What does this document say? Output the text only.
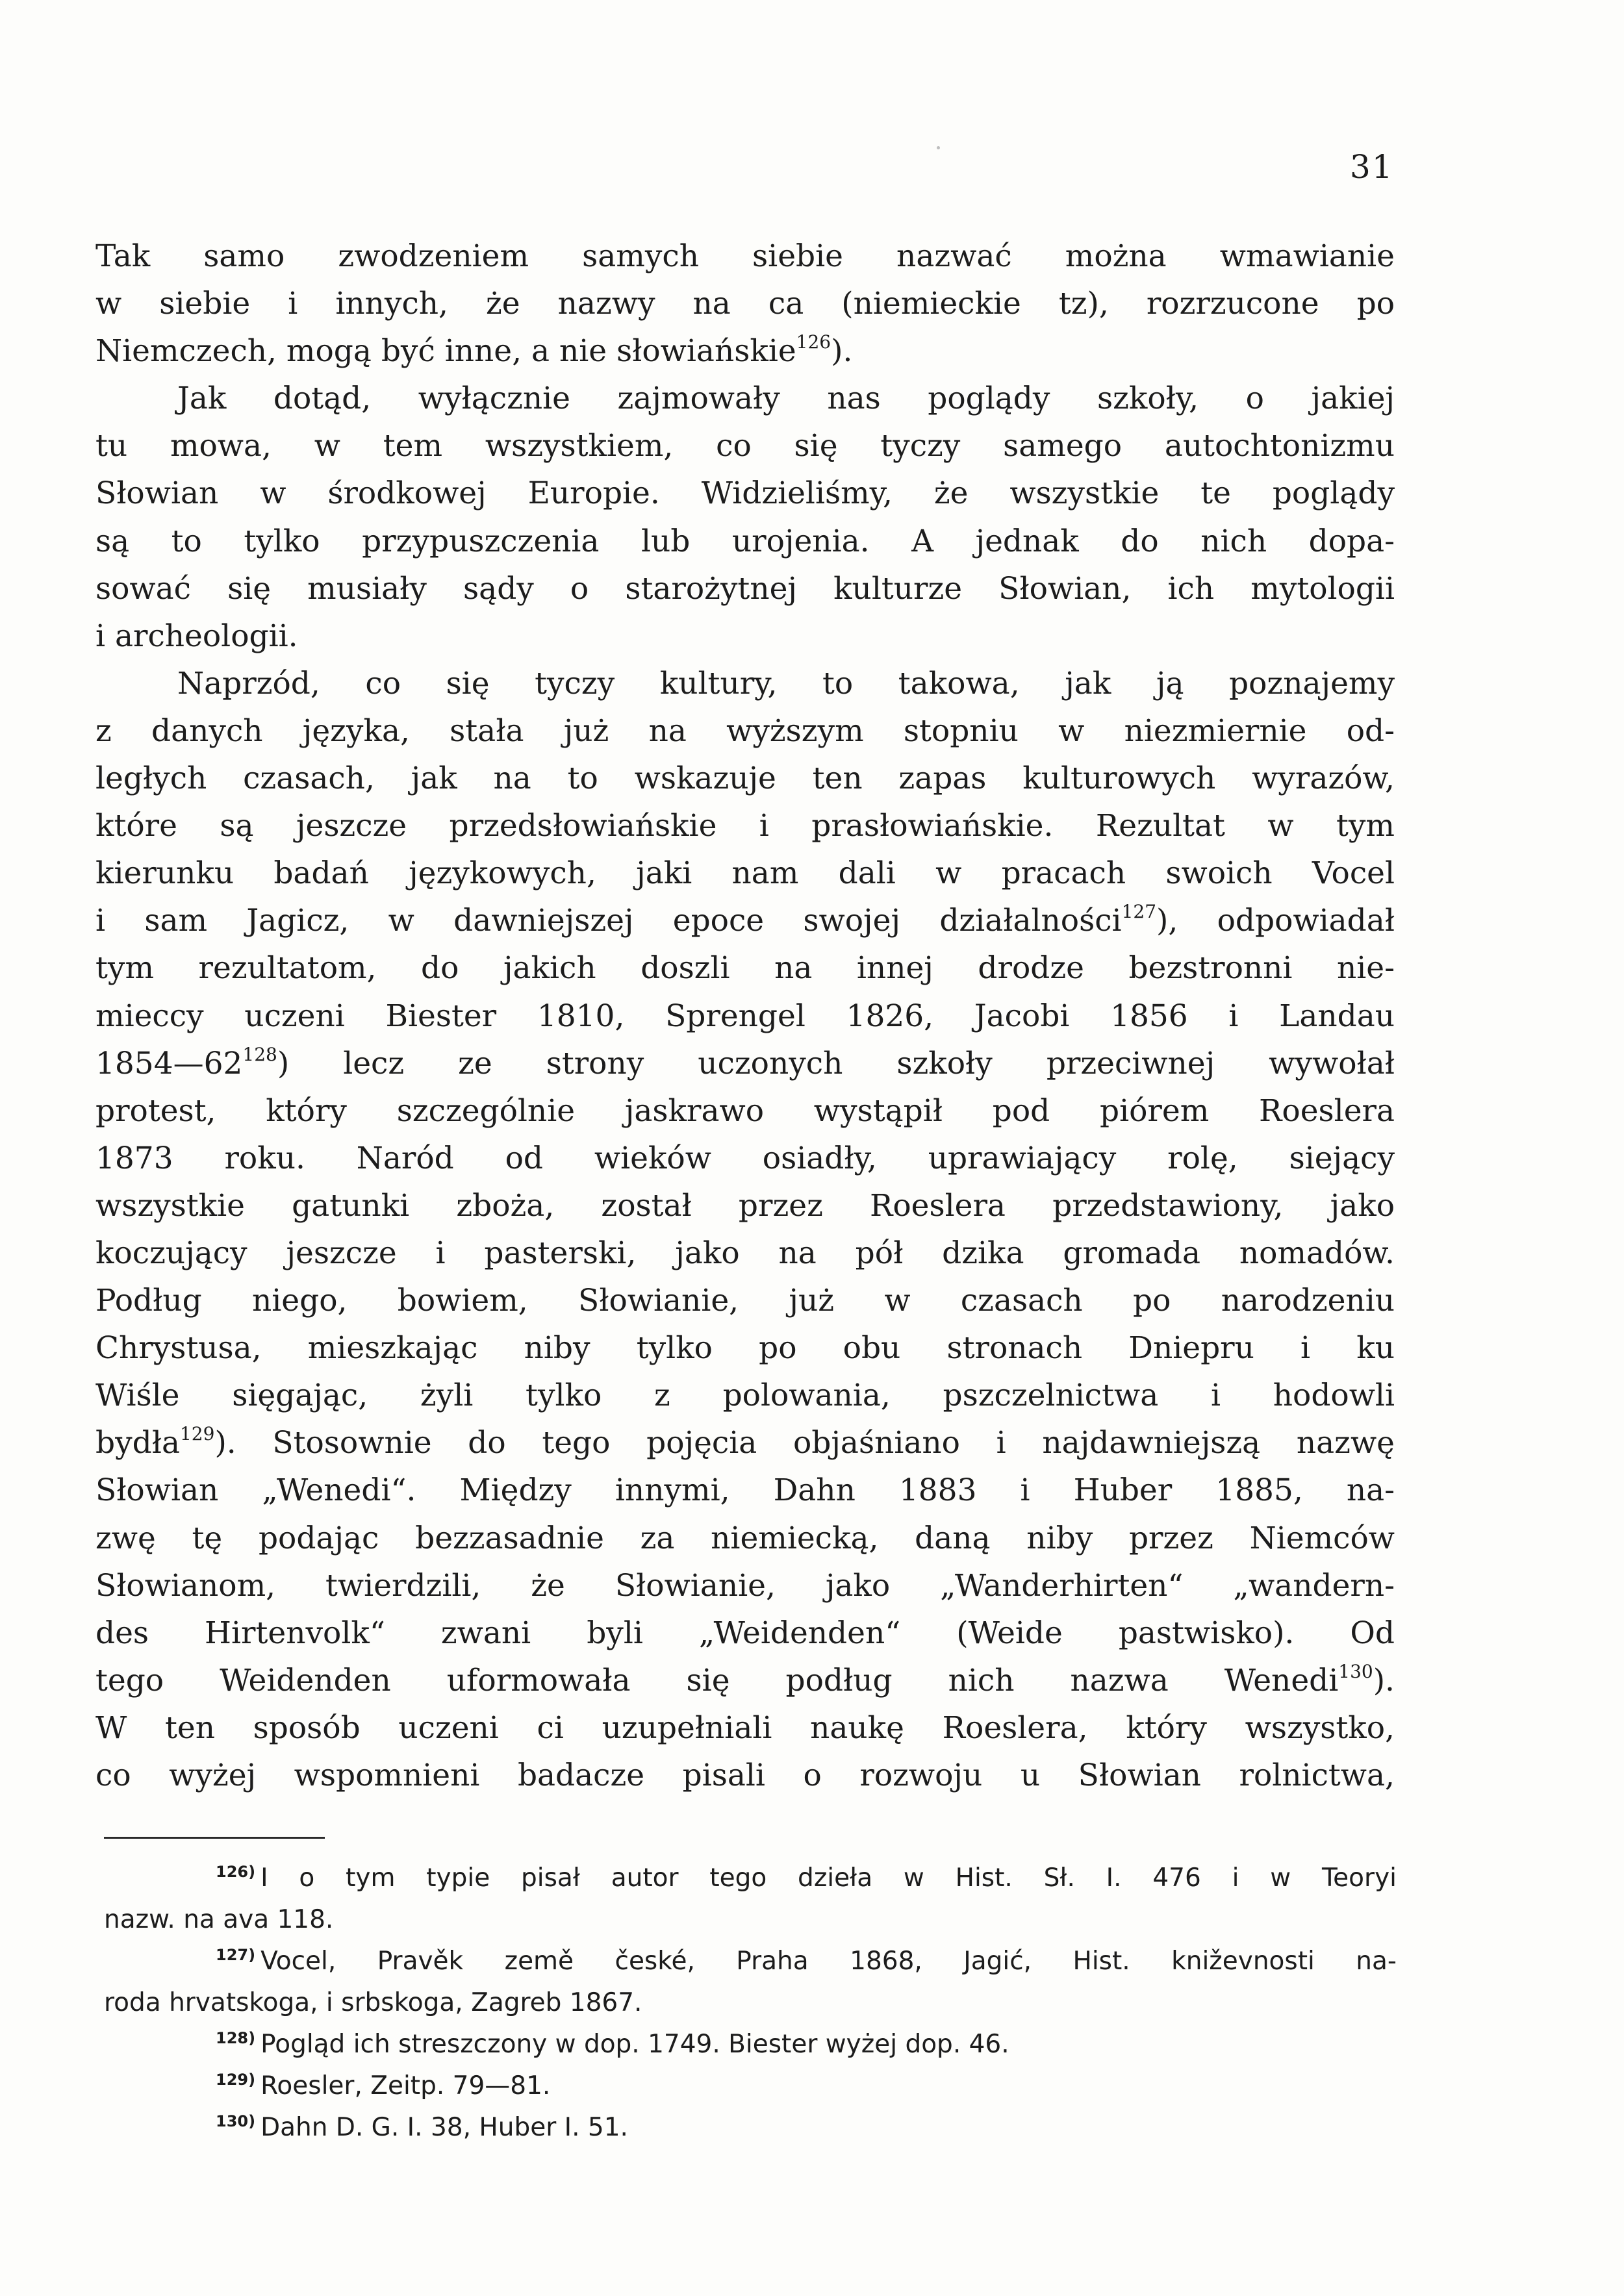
31
Tak samo zwodzeniem samych siebie nazwać można wmawianie
w siebie i innych, że nazwy na ca (niemieckie tz), rozrzucone po
Niemczech, mogą być inne, a nie słowiańskie$^{126}$).
Jak dotąd, wyłącznie zajmowały nas poglądy szkoły, o jakiej
tu mowa, w tem wszystkiem, co się tyczy samego autochtonizmu
Słowian w środkowej Europie. Widzieliśmy, że wszystkie te poglądy
są to tylko przypuszczenia lub urojenia. A jednak do nich dopa-
sować się musiały sądy o starożytnej kulturze Słowian, ich mytologii
i archeologii.
Naprzód, co się tyczy kultury, to takowa, jak ją poznajemy
z danych języka, stała już na wyższym stopniu w niezmiernie od-
ległych czasach, jak na to wskazuje ten zapas kulturowych wyrazów,
które są jeszcze przedsłowiańskie i prasłowiańskie. Rezultat w tym
kierunku badań językowych, jaki nam dali w pracach swoich Vocel
i sam Jagicz, w dawniejszej epoce swojej działalności$^{127}$), odpowiadał
tym rezultatom, do jakich doszli na innej drodze bezstronni nie-
mieccy uczeni Biester 1810, Sprengel 1826, Jacobi 1856 i Landau
$1854—62^{128}$) lecz ze strony uczonych szkoły przeciwnej wywołał
protest, który szczególnie jaskrawo wystąpił pod piórem Roeslera
1873 roku. Naród od wieków osiadły, uprawiający rolę, siejący
wszystkie gatunki zboża, został przez Roeslera przedstawiony, jako
koczujący jeszcze i pasterski, jako na pół dzika gromada nomadów.
Podług niego, bowiem, Słowianie, już w czasach po narodzeniu
Chrystusa, mieszkając niby tylko po obu stronach Dniepru i ku
Wiśle sięgając, żyli tylko z polowania, pszczelnictwa i hodowli
bydła$^{129}$). Stosownie do tego pojęcia objaśniano i najdawniejszą nazwę
Słowian „Wenedi“. Między innymi, Dahn 1883 i Huber 1885, na-
zwę tę podając bezzasadnie za niemiecką, daną niby przez Niemców
Słowianom, twierdzili, że Słowianie, jako „Wanderhirten“ „wandern-
des Hirtenvolk“ zwani byli „Weidenden“ (Weide pastwisko). Od
tego Weidenden uformowała się podług nich nazwa Wenedi$^{130}$).
W ten sposób uczeni ci uzupełniali naukę Roeslera, który wszystko,
co wyżej wspomnieni badacze pisali o rozwoju u Słowian rolnictwa,
$^{126)}$ I o tym typie pisał autor tego dzieła w Hist. Sł. I. 476 i w Teoryi
nazw. na ava 118.
$^{127)}$ Vocel, Pravěk země české, Praha 1868, Jagić, Hist. kniževnosti na-
roda hrvatskoga, i srbskoga, Zagreb 1867.
$^{128)}$ Pogląd ich streszczony w dop. 1749. Biester wyżej dop. 46.
$^{129)}$ Roesler, Zeitp. 79—81.
$^{130)}$ Dahn D. G. I. 38, Huber I. 51.
